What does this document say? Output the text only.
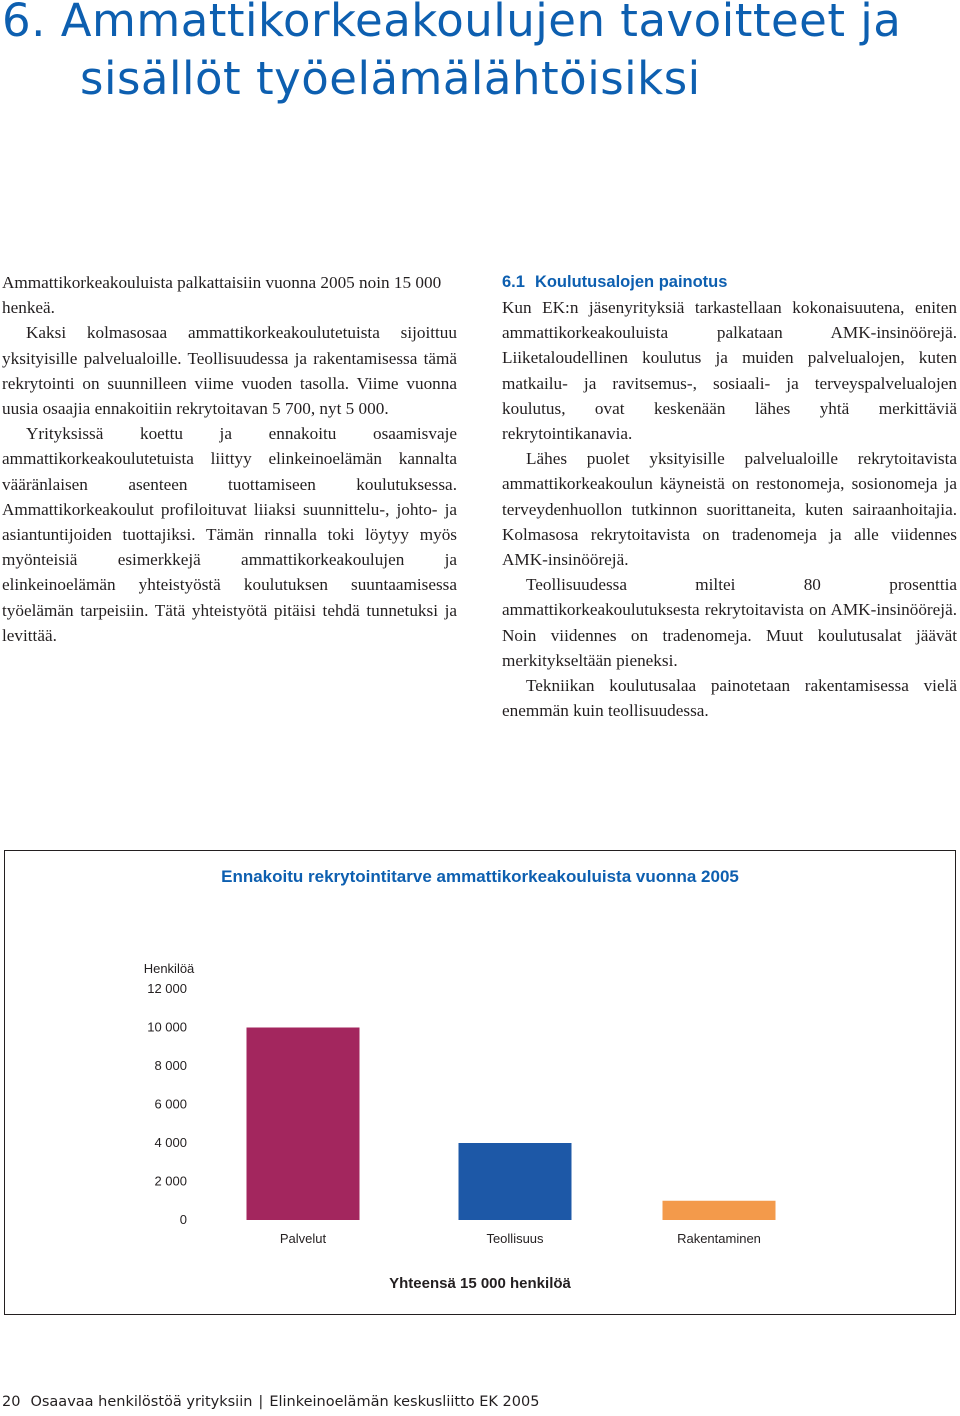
6. Ammattikorkeakoulujen tavoitteet ja
sisällöt työelämälähtöisiksi

Ammattikorkeakouluista palkattaisiin vuonna 2005 noin 15 000 henkeä.

Kaksi kolmasosaa ammattikorkeakoulutetuista sijoittuu yksityisille palvelualoille. Teollisuudessa ja rakentamisessa tämä rekrytointi on suunnilleen viime vuoden tasolla. Viime vuonna uusia osaajia ennakoitiin rekrytoitavan 5 700, nyt 5 000.

Yrityksissä koettu ja ennakoitu osaamisvaje ammattikorkeakoulutetuista liittyy elinkeinoelämän kannalta vääränlaisen asenteen tuottamiseen koulutuksessa. Ammattikorkeakoulut profiloituvat liiaksi suunnittelu-, johto- ja asiantuntijoiden tuottajiksi. Tämän rinnalla toki löytyy myös myönteisiä esimerkkejä ammattikorkeakoulujen ja elinkeinoelämän yhteistyöstä koulutuksen suuntaamisessa työelämän tarpeisiin. Tätä yhteistyötä pitäisi tehdä tunnetuksi ja levittää.

6.1 Koulutusalojen painotus

Kun EK:n jäsenyrityksiä tarkastellaan kokonaisuutena, eniten ammattikorkeakouluista palkataan AMK-insinöörejä. Liiketaloudellinen koulutus ja muiden palvelualojen, kuten matkailu- ja ravitsemus-, sosiaali- ja terveyspalvelualojen koulutus, ovat keskenään lähes yhtä merkittäviä rekrytointikanavia.

Lähes puolet yksityisille palvelualoille rekrytoitavista ammattikorkeakoulun käyneistä on restonomeja, sosionomeja ja terveydenhuollon tutkinnon suorittaneita, kuten sairaanhoitajia. Kolmasosa rekrytoitavista on tradenomeja ja alle viidennes AMK-insinöörejä.

Teollisuudessa miltei 80 prosenttia ammattikorkeakoulutuksesta rekrytoitavista on AMK-insinöörejä. Noin viidennes on tradenomeja. Muut koulutusalat jäävät merkitykseltään pieneksi.

Tekniikan koulutusalaa painotetaan rakentamisessa vielä enemmän kuin teollisuudessa.

Ennakoitu rekrytointitarve ammattikorkeakouluista vuonna 2005
Henkilöä
0
2 000
4 000
6 000
8 000
10 000
12 000
Palvelut	Teollisuus	Rakentaminen
Yhteensä 15 000 henkilöä
20 Osaavaa henkilöstöä yrityksiin | Elinkeinoelämän keskusliitto EK 2005
